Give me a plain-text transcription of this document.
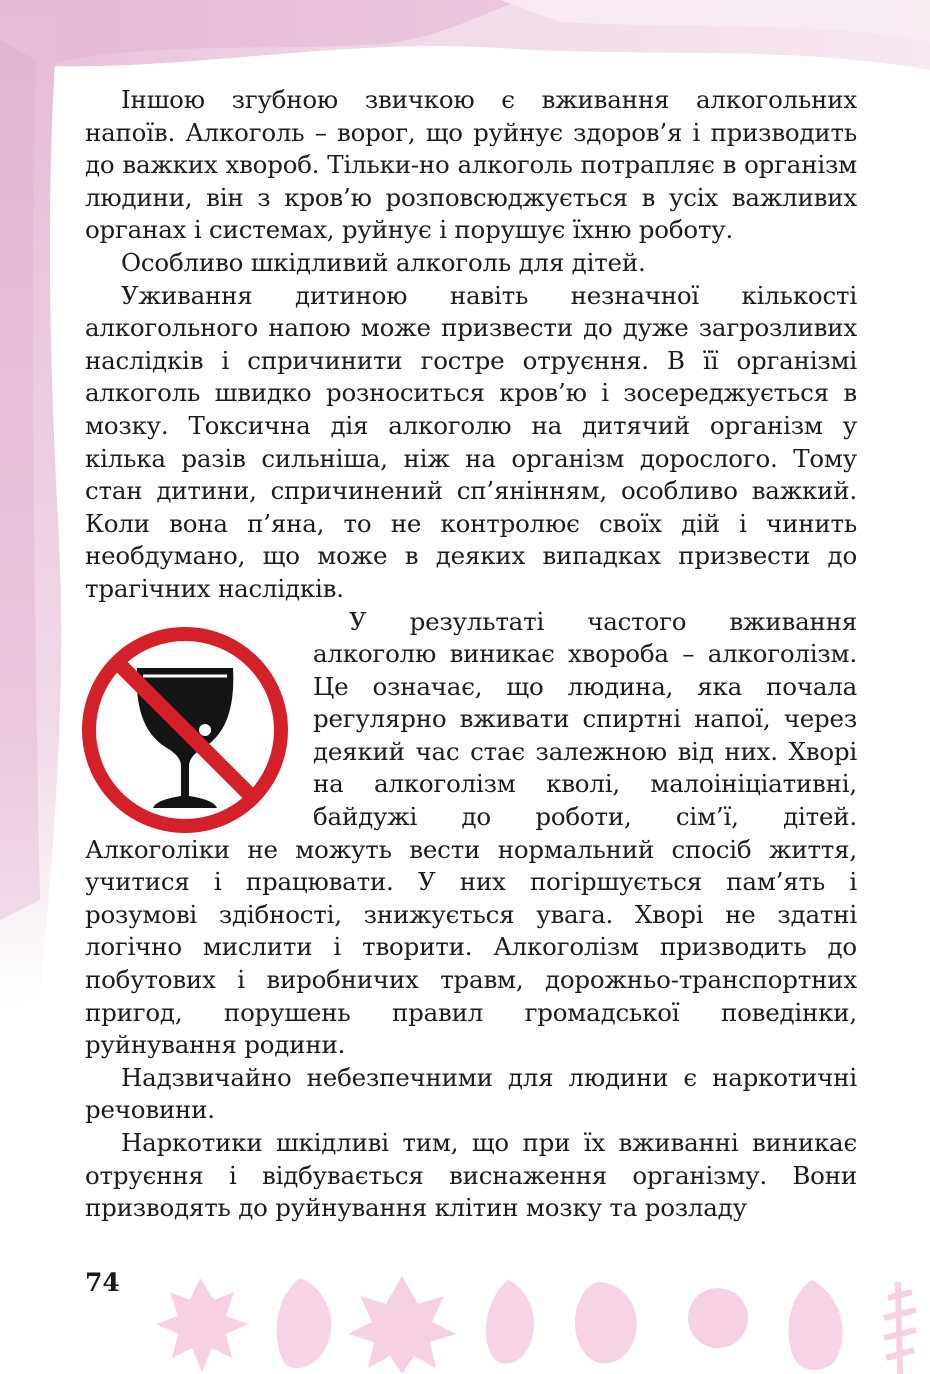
Іншою згубною звичкою є вживання алкогольних напоїв. Алкоголь – ворог, що руйнує здоров’я і призводить до важких хвороб. Тільки-но алкоголь потрапляє в організм людини, він з кров’ю розповсюджується в усіх важливих органах і системах, руйнує і порушує їхню роботу.

Особливо шкідливий алкоголь для дітей.

Уживання дитиною навіть незначної кількості алкогольного напою може призвести до дуже загрозливих наслідків і спричинити гостре отруєння. В її організмі алкоголь швидко розноситься кров’ю і зосереджується в мозку. Токсична дія алкоголю на дитячий організм у кілька разів сильніша, ніж на організм дорослого. Тому стан дитини, спричинений сп’янінням, особливо важкий. Коли вона п’яна, то не контролює своїх дій і чинить необдумано, що може в деяких випадках призвести до трагічних наслідків.

У результаті частого вживання алкоголю виникає хвороба – алкоголізм. Це означає, що людина, яка почала регулярно вживати спиртні напої, через деякий час стає залежною від них. Хворі на алкоголізм кволі, малоініціативні, байдужі до роботи, сім’ї, дітей. Алкоголіки не можуть вести нормальний спосіб життя, учитися і працювати. У них погіршується пам’ять і розумові здібності, знижується увага. Хворі не здатні логічно мислити і творити. Алкоголізм призводить до побутових і виробничих травм, дорожньо-транспортних пригод, порушень правил громадської поведінки, руйнування родини.

Надзвичайно небезпечними для людини є наркотичні речовини.

Наркотики шкідливі тим, що при їх вживанні виникає отруєння і відбувається виснаження організму. Вони призводять до руйнування клітин мозку та розладу

74
